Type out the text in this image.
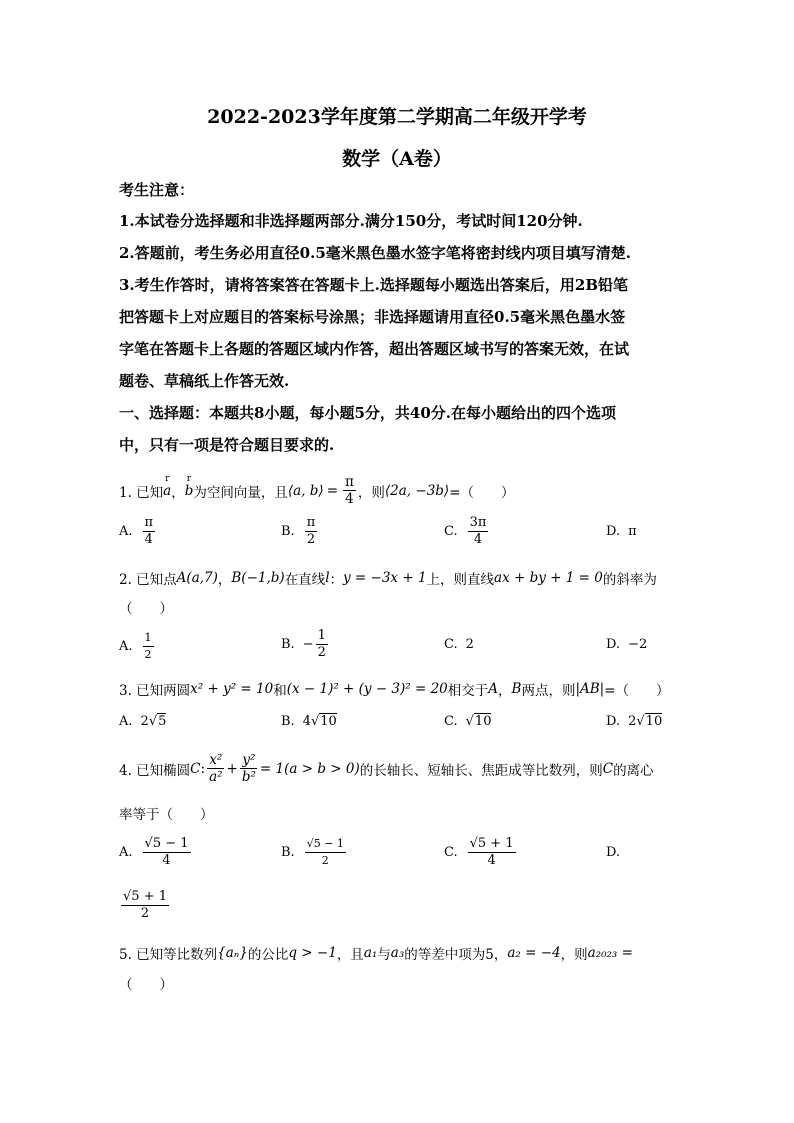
2022-2023学年度第二学期高二年级开学考
数学（A卷）
考生注意：
1.本试卷分选择题和非选择题两部分.满分150分，考试时间120分钟.
2.答题前，考生务必用直径0.5毫米黑色墨水签字笔将密封线内项目填写清楚.
3.考生作答时，请将答案答在答题卡上.选择题每小题选出答案后，用2B铅笔
把答题卡上对应题目的答案标号涂黑；非选择题请用直径0.5毫米黑色墨水签
字笔在答题卡上各题的答题区域内作答，超出答题区域书写的答案无效，在试
题卷、草稿纸上作答无效.
一、选择题：本题共8小题，每小题5分，共40分.在每小题给出的四个选项
中，只有一项是符合题目要求的.
1. 已知
r
a ，
r
b 为空间向量，且 ⟨a, b⟩ = $\frac{\pi}{4}$ ，则 ⟨2a, −3b⟩ =（　　）
A. $\frac{\pi}{4}$	B. $\frac{\pi}{2}$	C. $\frac{3\pi}{4}$	D. π
2. 已知点 A(a,7) ， B(−1,b) 在直线 l ： y = −3x + 1 上，则直线 ax + by + 1 = 0 的斜率为
（　　）
A. $\frac{1}{2}$	B. − $\frac{1}{2}$	C. 2	D. −2
3. 已知两圆 x² + y² = 10 和 (x − 1)² + (y − 3)² = 20 相交于 A ， B 两点，则 |AB| =（　　）
A. 2 √ 5	B. 4 √ 10	C. √ 10	D. 2 √ 10
4. 已知椭圆 C : $\frac{\text{x²}}{\text{a²}} + \frac{\text{y²}}{\text{b²}} = 1(a > b > 0)$ 的长轴长、短轴长、焦距成等比数列，则 C 的离心
率等于（　　）
A. $\frac{√5 - 1}{4}$	B. $\frac{√5 - 1}{2}$	C. $\frac{√5 + 1}{4}$	D.
$\frac{√5 + 1}{2}$
5. 已知等比数列 {aₙ} 的公比 q > −1 ，且 a₁ 与 a₃ 的等差中项为5， a₂ = −4 ，则 a₂₀₂₃ =
（　　）
